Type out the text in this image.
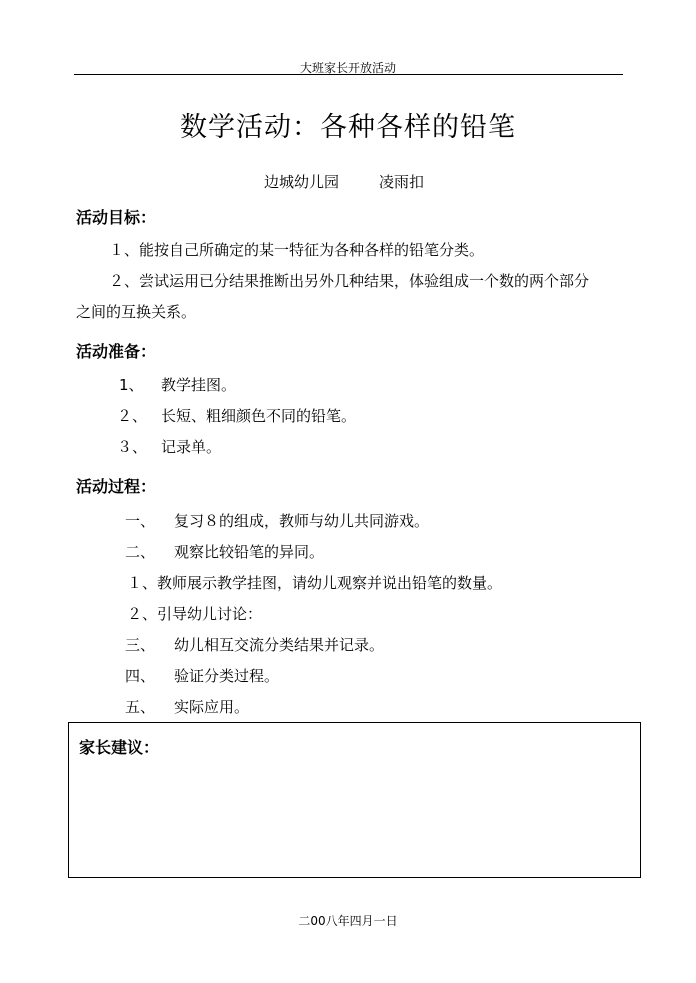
大班家长开放活动
数学活动：各种各样的铅笔
边城幼儿园	凌雨扣
活动目标：
１、能按自己所确定的某一特征为各种各样的铅笔分类。
２、尝试运用已分结果推断出另外几种结果，体验组成一个数的两个部分
之间的互换关系。
活动准备：
1、 教学挂图。
２、 长短、粗细颜色不同的铅笔。
３、 记录单。
活动过程：
一、 复习８的组成，教师与幼儿共同游戏。
二、 观察比较铅笔的异同。
１、教师展示教学挂图，请幼儿观察并说出铅笔的数量。
２、引导幼儿讨论：
三、 幼儿相互交流分类结果并记录。
四、 验证分类过程。
五、 实际应用。
家长建议：
二00八年四月一日
